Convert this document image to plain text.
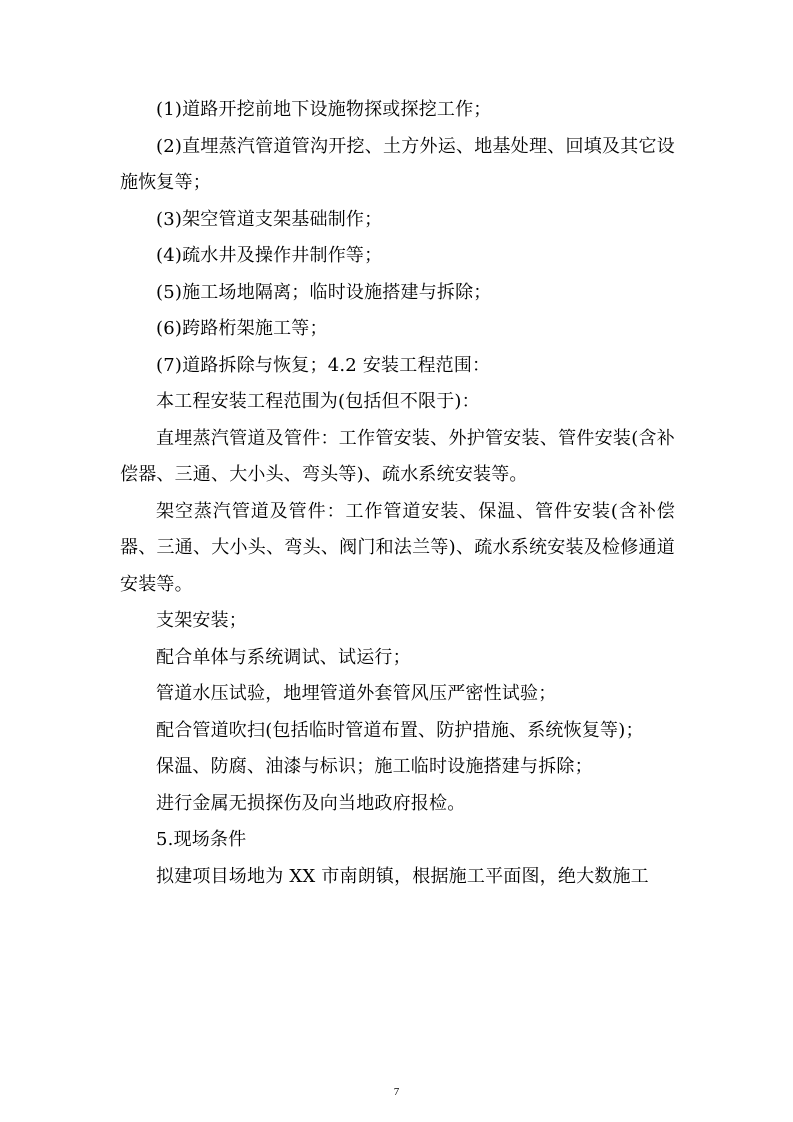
(1)道路开挖前地下设施物探或探挖工作；

(2)直埋蒸汽管道管沟开挖、土方外运、地基处理、回填及其它设施恢复等；

(3)架空管道支架基础制作；

(4)疏水井及操作井制作等；

(5)施工场地隔离；临时设施搭建与拆除；

(6)跨路桁架施工等；

(7)道路拆除与恢复；4.2 安装工程范围：

本工程安装工程范围为(包括但不限于)：

直埋蒸汽管道及管件：工作管安装、外护管安装、管件安装(含补偿器、三通、大小头、弯头等)、疏水系统安装等。

架空蒸汽管道及管件：工作管道安装、保温、管件安装(含补偿器、三通、大小头、弯头、阀门和法兰等)、疏水系统安装及检修通道安装等。

支架安装；

配合单体与系统调试、试运行；

管道水压试验，地埋管道外套管风压严密性试验；

配合管道吹扫(包括临时管道布置、防护措施、系统恢复等)；

保温、防腐、油漆与标识；施工临时设施搭建与拆除；

进行金属无损探伤及向当地政府报检。

5.现场条件

拟建项目场地为 XX 市南朗镇，根据施工平面图，绝大数施工

7
